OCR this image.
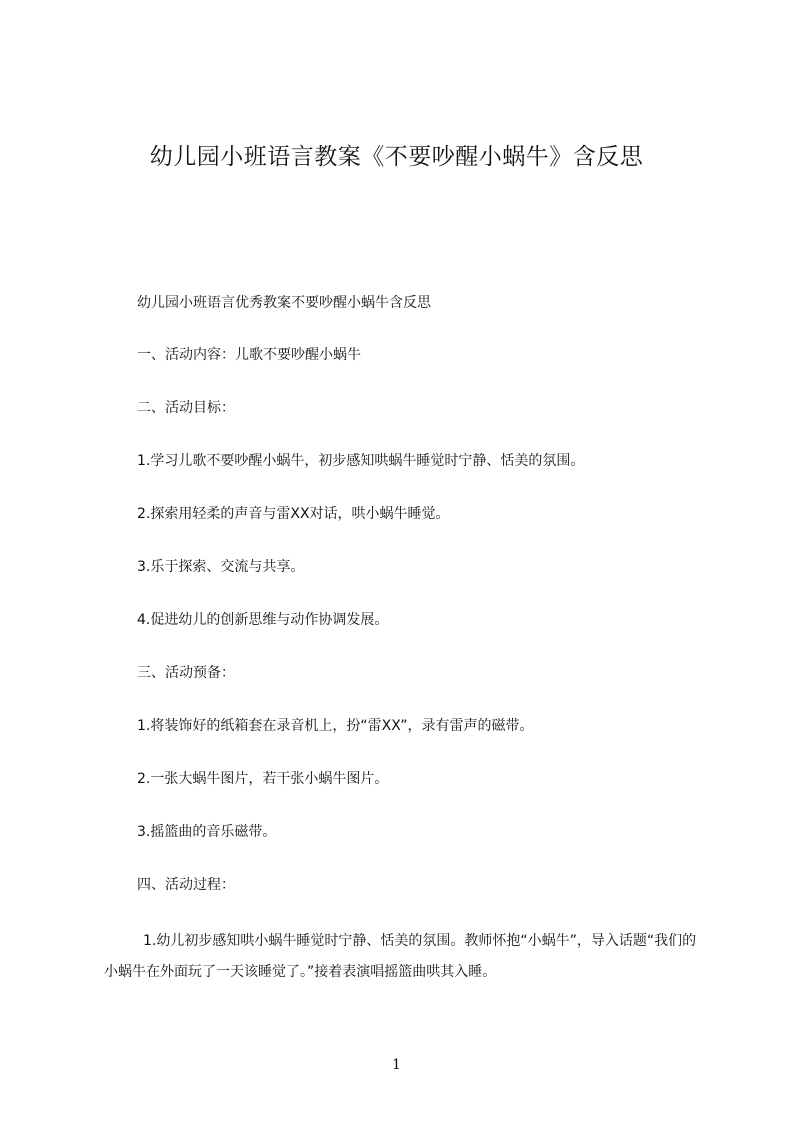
幼儿园小班语言教案《不要吵醒小蜗牛》含反思
幼儿园小班语言优秀教案不要吵醒小蜗牛含反思
一、活动内容：儿歌不要吵醒小蜗牛
二、活动目标：
1.学习儿歌不要吵醒小蜗牛，初步感知哄蜗牛睡觉时宁静、恬美的氛围。
2.探索用轻柔的声音与雷XX对话，哄小蜗牛睡觉。
3.乐于探索、交流与共享。
4.促进幼儿的创新思维与动作协调发展。
三、活动预备：
1.将装饰好的纸箱套在录音机上，扮“雷XX”，录有雷声的磁带。
2.一张大蜗牛图片，若干张小蜗牛图片。
3.摇篮曲的音乐磁带。
四、活动过程：
1.幼儿初步感知哄小蜗牛睡觉时宁静、恬美的氛围。教师怀抱“小蜗牛”，导入话题“我们的小蜗牛在外面玩了一天该睡觉了。”接着表演唱摇篮曲哄其入睡。
1
